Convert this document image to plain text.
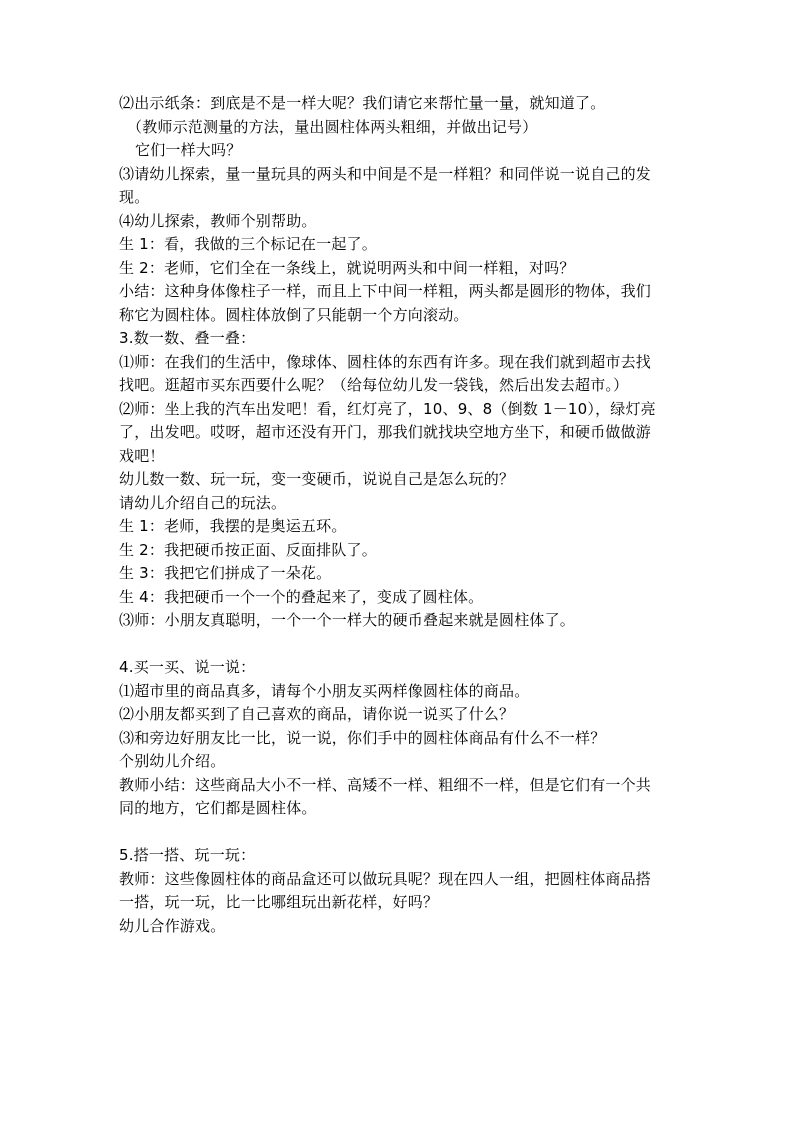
⑵出示纸条：到底是不是一样大呢？我们请它来帮忙量一量，就知道了。
（教师示范测量的方法，量出圆柱体两头粗细，并做出记号）
它们一样大吗？
⑶请幼儿探索，量一量玩具的两头和中间是不是一样粗？和同伴说一说自己的发
现。
⑷幼儿探索，教师个别帮助。
生 1：看，我做的三个标记在一起了。
生 2：老师，它们全在一条线上，就说明两头和中间一样粗，对吗？
小结：这种身体像柱子一样，而且上下中间一样粗，两头都是圆形的物体，我们
称它为圆柱体。圆柱体放倒了只能朝一个方向滚动。
3.数一数、叠一叠：
⑴师：在我们的生活中，像球体、圆柱体的东西有许多。现在我们就到超市去找
找吧。逛超市买东西要什么呢？（给每位幼儿发一袋钱，然后出发去超市。）
⑵师：坐上我的汽车出发吧！看，红灯亮了，10、9、8（倒数 1－10），绿灯亮
了，出发吧。哎呀，超市还没有开门，那我们就找块空地方坐下，和硬币做做游
戏吧！
幼儿数一数、玩一玩，变一变硬币，说说自己是怎么玩的？
请幼儿介绍自己的玩法。
生 1：老师，我摆的是奥运五环。
生 2：我把硬币按正面、反面排队了。
生 3：我把它们拼成了一朵花。
生 4：我把硬币一个一个的叠起来了，变成了圆柱体。
⑶师：小朋友真聪明，一个一个一样大的硬币叠起来就是圆柱体了。
4.买一买、说一说：
⑴超市里的商品真多，请每个小朋友买两样像圆柱体的商品。
⑵小朋友都买到了自己喜欢的商品，请你说一说买了什么？
⑶和旁边好朋友比一比，说一说，你们手中的圆柱体商品有什么不一样？
个别幼儿介绍。
教师小结：这些商品大小不一样、高矮不一样、粗细不一样，但是它们有一个共
同的地方，它们都是圆柱体。
5.搭一搭、玩一玩：
教师：这些像圆柱体的商品盒还可以做玩具呢？现在四人一组，把圆柱体商品搭
一搭，玩一玩，比一比哪组玩出新花样，好吗？
幼儿合作游戏。
